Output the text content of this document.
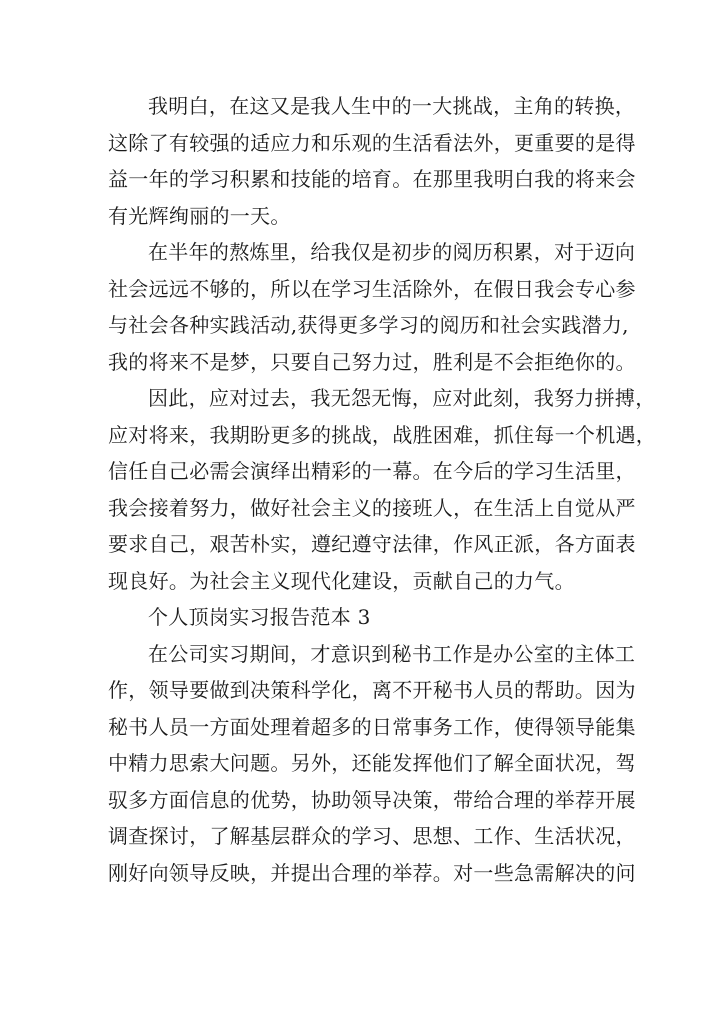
我明白，在这又是我人生中的一大挑战，主角的转换，
这除了有较强的适应力和乐观的生活看法外，更重要的是得
益一年的学习积累和技能的培育。在那里我明白我的将来会
有光辉绚丽的一天。
在半年的熬炼里，给我仅是初步的阅历积累，对于迈向
社会远远不够的，所以在学习生活除外，在假日我会专心参
与社会各种实践活动,获得更多学习的阅历和社会实践潜力,
我的将来不是梦，只要自己努力过，胜利是不会拒绝你的。
因此，应对过去，我无怨无悔，应对此刻，我努力拼搏，
应对将来，我期盼更多的挑战，战胜困难，抓住每一个机遇，
信任自己必需会演绎出精彩的一幕。在今后的学习生活里，
我会接着努力，做好社会主义的接班人，在生活上自觉从严
要求自己，艰苦朴实，遵纪遵守法律，作风正派，各方面表
现良好。为社会主义现代化建设，贡献自己的力气。
个人顶岗实习报告范本 3
在公司实习期间，才意识到秘书工作是办公室的主体工
作，领导要做到决策科学化，离不开秘书人员的帮助。因为
秘书人员一方面处理着超多的日常事务工作，使得领导能集
中精力思索大问题。另外，还能发挥他们了解全面状况，驾
驭多方面信息的优势，协助领导决策，带给合理的举荐开展
调查探讨，了解基层群众的学习、思想、工作、生活状况，
刚好向领导反映，并提出合理的举荐。对一些急需解决的问
